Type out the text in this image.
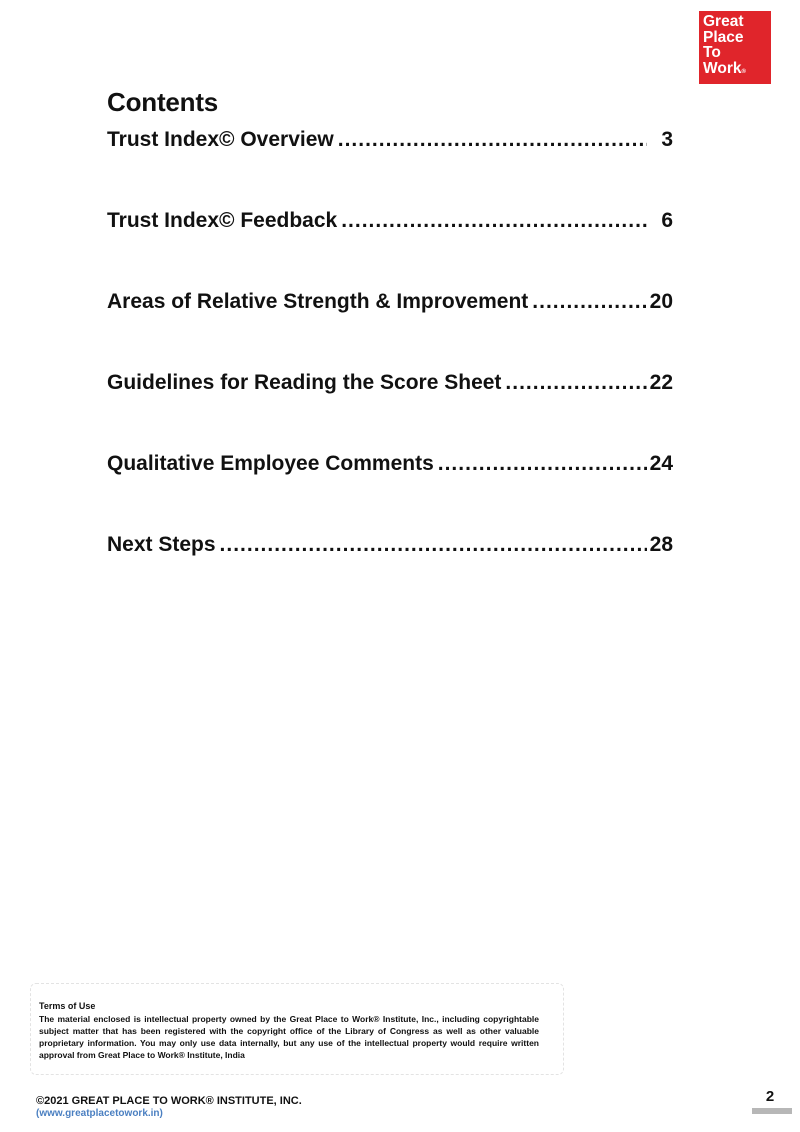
Great
Place
To
Work®
Contents
Trust Index© Overview .....	3
Trust Index© Feedback .....	6
Areas of Relative Strength & Improvement .....	20
Guidelines for Reading the Score Sheet .....	22
Qualitative Employee Comments .....	24
Next Steps .....	28

Terms of Use

The material enclosed is intellectual property owned by the Great Place to Work® Institute, Inc., including copyrightable subject matter that has been registered with the copyright office of the Library of Congress as well as other valuable proprietary information. You may only use data internally, but any use of the intellectual property would require written approval from Great Place to Work® Institute, India

©2021 GREAT PLACE TO WORK® INSTITUTE, INC.
(www.greatplacetowork.in)
2
